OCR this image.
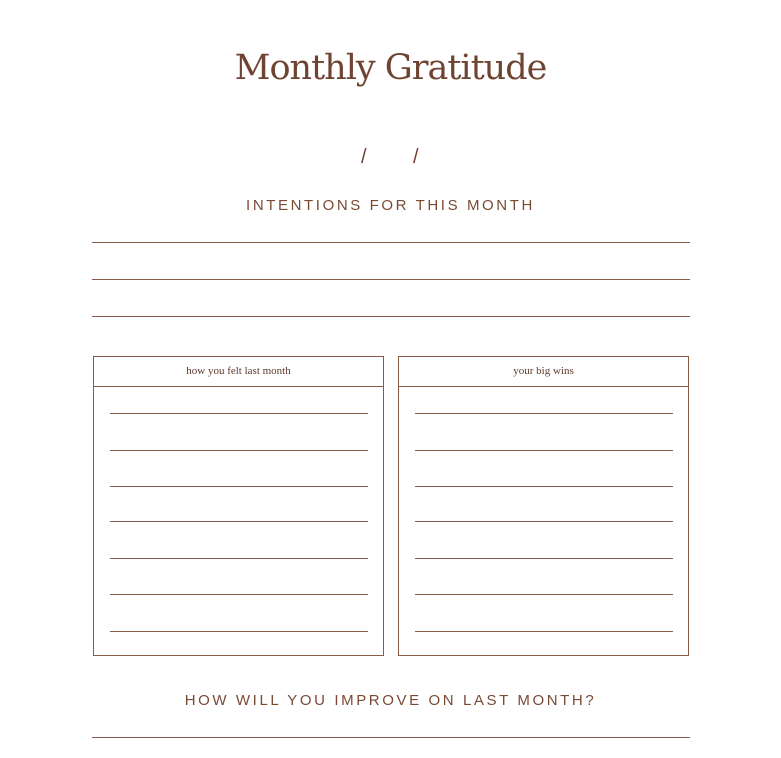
Monthly Gratitude
/ /
INTENTIONS FOR THIS MONTH
how you felt last month	your big wins
HOW WILL YOU IMPROVE ON LAST MONTH?
